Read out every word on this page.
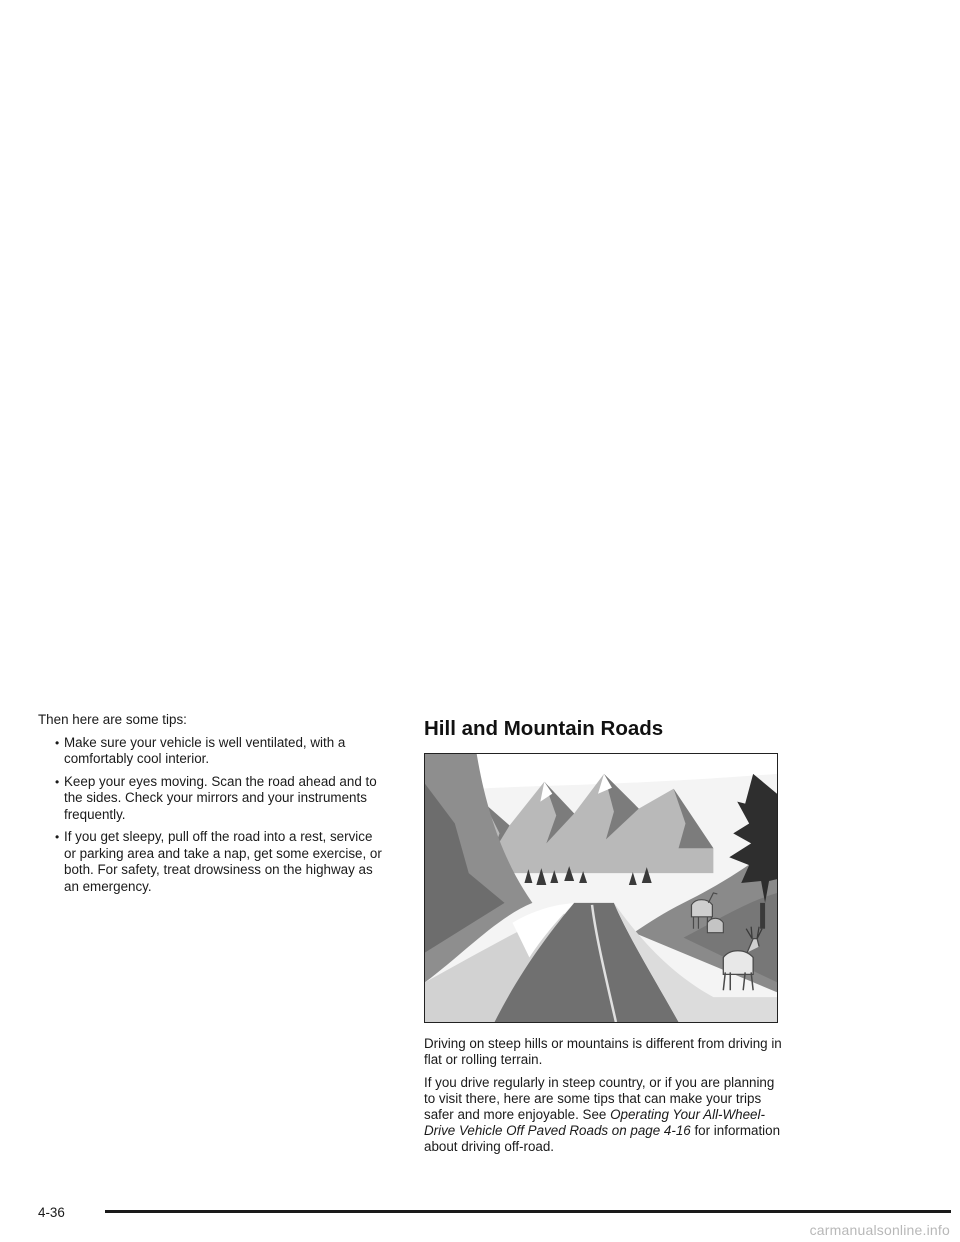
Then here are some tips:

• Make sure your vehicle is well ventilated, with a comfortably cool interior.
• Keep your eyes moving. Scan the road ahead and to the sides. Check your mirrors and your instruments frequently.
• If you get sleepy, pull off the road into a rest, service or parking area and take a nap, get some exercise, or both. For safety, treat drowsiness on the highway as an emergency.
Hill and Mountain Roads

Driving on steep hills or mountains is different from driving in flat or rolling terrain.

If you drive regularly in steep country, or if you are planning to visit there, here are some tips that can make your trips safer and more enjoyable. See Operating Your All-Wheel-Drive Vehicle Off Paved Roads on page 4-16 for information about driving off-road.

4-36
carmanualsonline.info
